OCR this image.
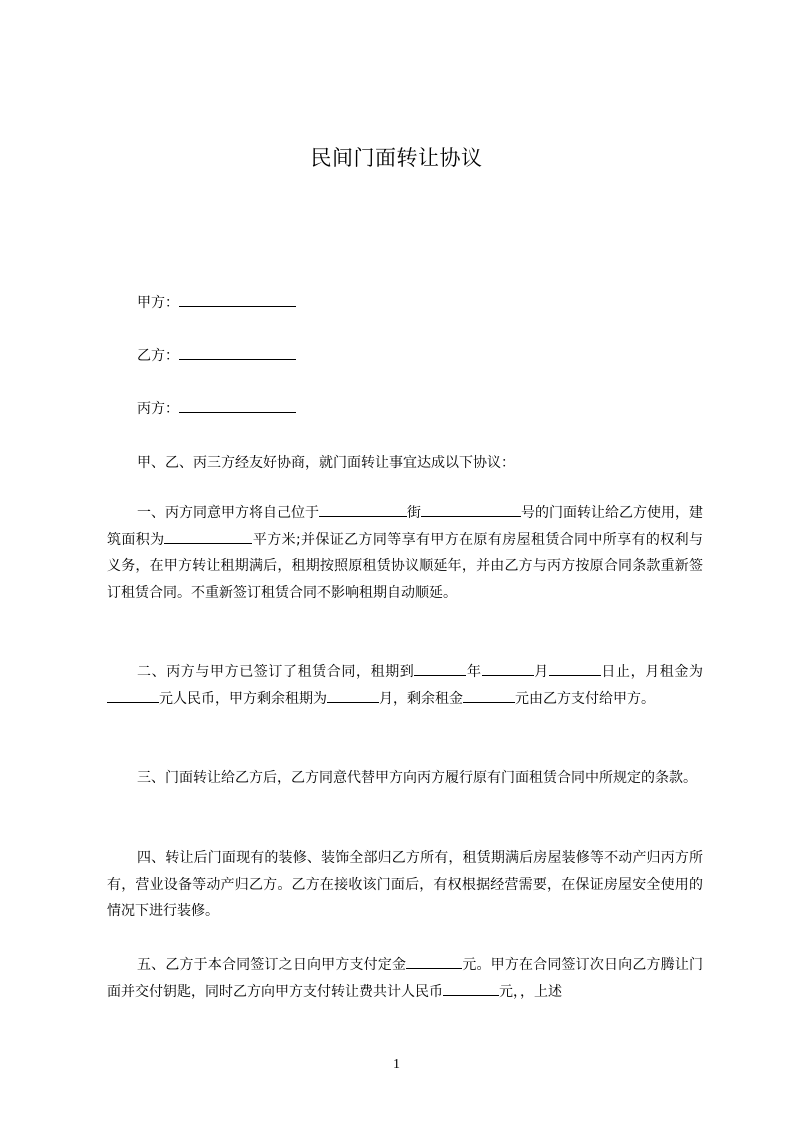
民间门面转让协议
甲方：
乙方：
丙方：
甲、乙、丙三方经友好协商，就门面转让事宜达成以下协议：

一、丙方同意甲方将自己位于	街	号的门面转让给乙方使用，建筑面积为	平方米;并保证乙方同等享有甲方在原有房屋租赁合同中所享有的权利与义务，在甲方转让租期满后，租期按照原租赁协议顺延年，并由乙方与丙方按原合同条款重新签订租赁合同。不重新签订租赁合同不影响租期自动顺延。

二、丙方与甲方已签订了租赁合同，租期到	年	月	日止，月租金为元人民币，甲方剩余租期为	月，剩余租金	元由乙方支付给甲方。

三、门面转让给乙方后，乙方同意代替甲方向丙方履行原有门面租赁合同中所规定的条款。

四、转让后门面现有的装修、装饰全部归乙方所有，租赁期满后房屋装修等不动产归丙方所有，营业设备等动产归乙方。乙方在接收该门面后，有权根据经营需要，在保证房屋安全使用的情况下进行装修。

五、乙方于本合同签订之日向甲方支付定金	元。甲方在合同签订次日向乙方腾让门面并交付钥匙，同时乙方向甲方支付转让费共计人民币	元，，上述

1
